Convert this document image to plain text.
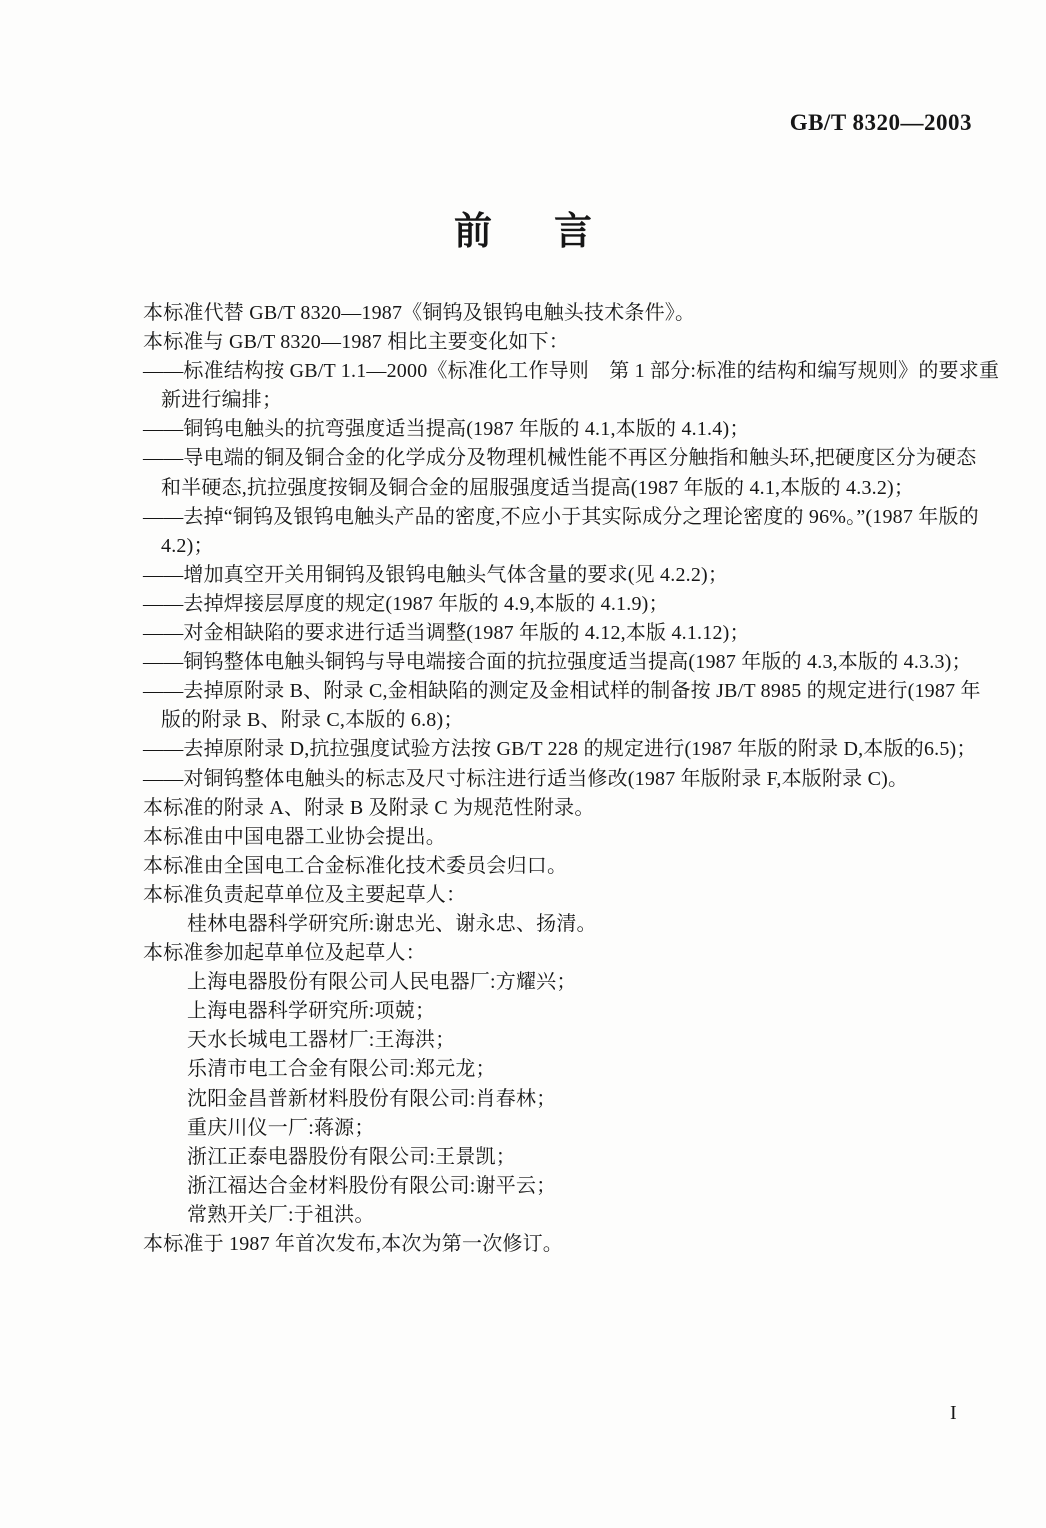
GB/T 8320—2003
前　言
本标准代替 GB/T 8320—1987《铜钨及银钨电触头技术条件》。
本标准与 GB/T 8320—1987 相比主要变化如下：
——标准结构按 GB/T 1.1—2000《标准化工作导则　第 1 部分:标准的结构和编写规则》的要求重
新进行编排；
——铜钨电触头的抗弯强度适当提高(1987 年版的 4.1,本版的 4.1.4)；
——导电端的铜及铜合金的化学成分及物理机械性能不再区分触指和触头环,把硬度区分为硬态
和半硬态,抗拉强度按铜及铜合金的屈服强度适当提高(1987 年版的 4.1,本版的 4.3.2)；
——去掉“铜钨及银钨电触头产品的密度,不应小于其实际成分之理论密度的 96%。”(1987 年版的
4.2)；
——增加真空开关用铜钨及银钨电触头气体含量的要求(见 4.2.2)；
——去掉焊接层厚度的规定(1987 年版的 4.9,本版的 4.1.9)；
——对金相缺陷的要求进行适当调整(1987 年版的 4.12,本版 4.1.12)；
——铜钨整体电触头铜钨与导电端接合面的抗拉强度适当提高(1987 年版的 4.3,本版的 4.3.3)；
——去掉原附录 B、附录 C,金相缺陷的测定及金相试样的制备按 JB/T 8985 的规定进行(1987 年
版的附录 B、附录 C,本版的 6.8)；
——去掉原附录 D,抗拉强度试验方法按 GB/T 228 的规定进行(1987 年版的附录 D,本版的6.5)；
——对铜钨整体电触头的标志及尺寸标注进行适当修改(1987 年版附录 F,本版附录 C)。
本标准的附录 A、附录 B 及附录 C 为规范性附录。
本标准由中国电器工业协会提出。
本标准由全国电工合金标准化技术委员会归口。
本标准负责起草单位及主要起草人：
桂林电器科学研究所:谢忠光、谢永忠、扬清。
本标准参加起草单位及起草人：
上海电器股份有限公司人民电器厂:方耀兴；
上海电器科学研究所:项兢；
天水长城电工器材厂:王海洪；
乐清市电工合金有限公司:郑元龙；
沈阳金昌普新材料股份有限公司:肖春林；
重庆川仪一厂:蒋源；
浙江正泰电器股份有限公司:王景凯；
浙江福达合金材料股份有限公司:谢平云；
常熟开关厂:于祖洪。
本标准于 1987 年首次发布,本次为第一次修订。
I
